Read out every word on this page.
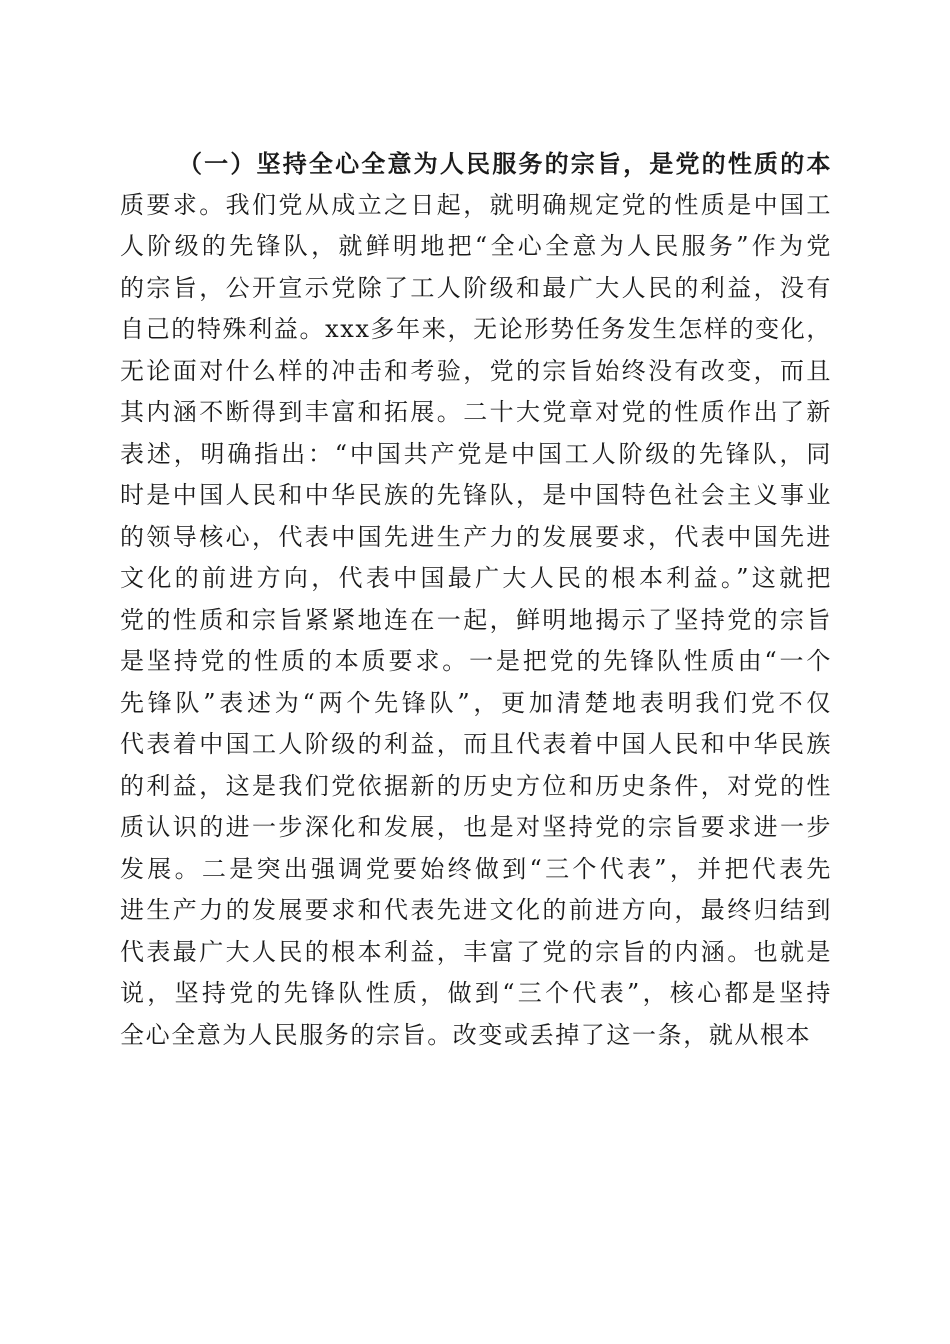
（一）坚持全心全意为人民服务的宗旨，是党的性质的本
质要求。我们党从成立之日起，就明确规定党的性质是中国工
人阶级的先锋队，就鲜明地把“全心全意为人民服务”作为党
的宗旨，公开宣示党除了工人阶级和最广大人民的利益，没有
自己的特殊利益。xxx多年来，无论形势任务发生怎样的变化，
无论面对什么样的冲击和考验，党的宗旨始终没有改变，而且
其内涵不断得到丰富和拓展。二十大党章对党的性质作出了新
表述，明确指出：“中国共产党是中国工人阶级的先锋队，同
时是中国人民和中华民族的先锋队，是中国特色社会主义事业
的领导核心，代表中国先进生产力的发展要求，代表中国先进
文化的前进方向，代表中国最广大人民的根本利益。”这就把
党的性质和宗旨紧紧地连在一起，鲜明地揭示了坚持党的宗旨
是坚持党的性质的本质要求。一是把党的先锋队性质由“一个
先锋队”表述为“两个先锋队”，更加清楚地表明我们党不仅
代表着中国工人阶级的利益，而且代表着中国人民和中华民族
的利益，这是我们党依据新的历史方位和历史条件，对党的性
质认识的进一步深化和发展，也是对坚持党的宗旨要求进一步
发展。二是突出强调党要始终做到“三个代表”，并把代表先
进生产力的发展要求和代表先进文化的前进方向，最终归结到
代表最广大人民的根本利益，丰富了党的宗旨的内涵。也就是
说，坚持党的先锋队性质，做到“三个代表”，核心都是坚持
全心全意为人民服务的宗旨。改变或丢掉了这一条，就从根本
